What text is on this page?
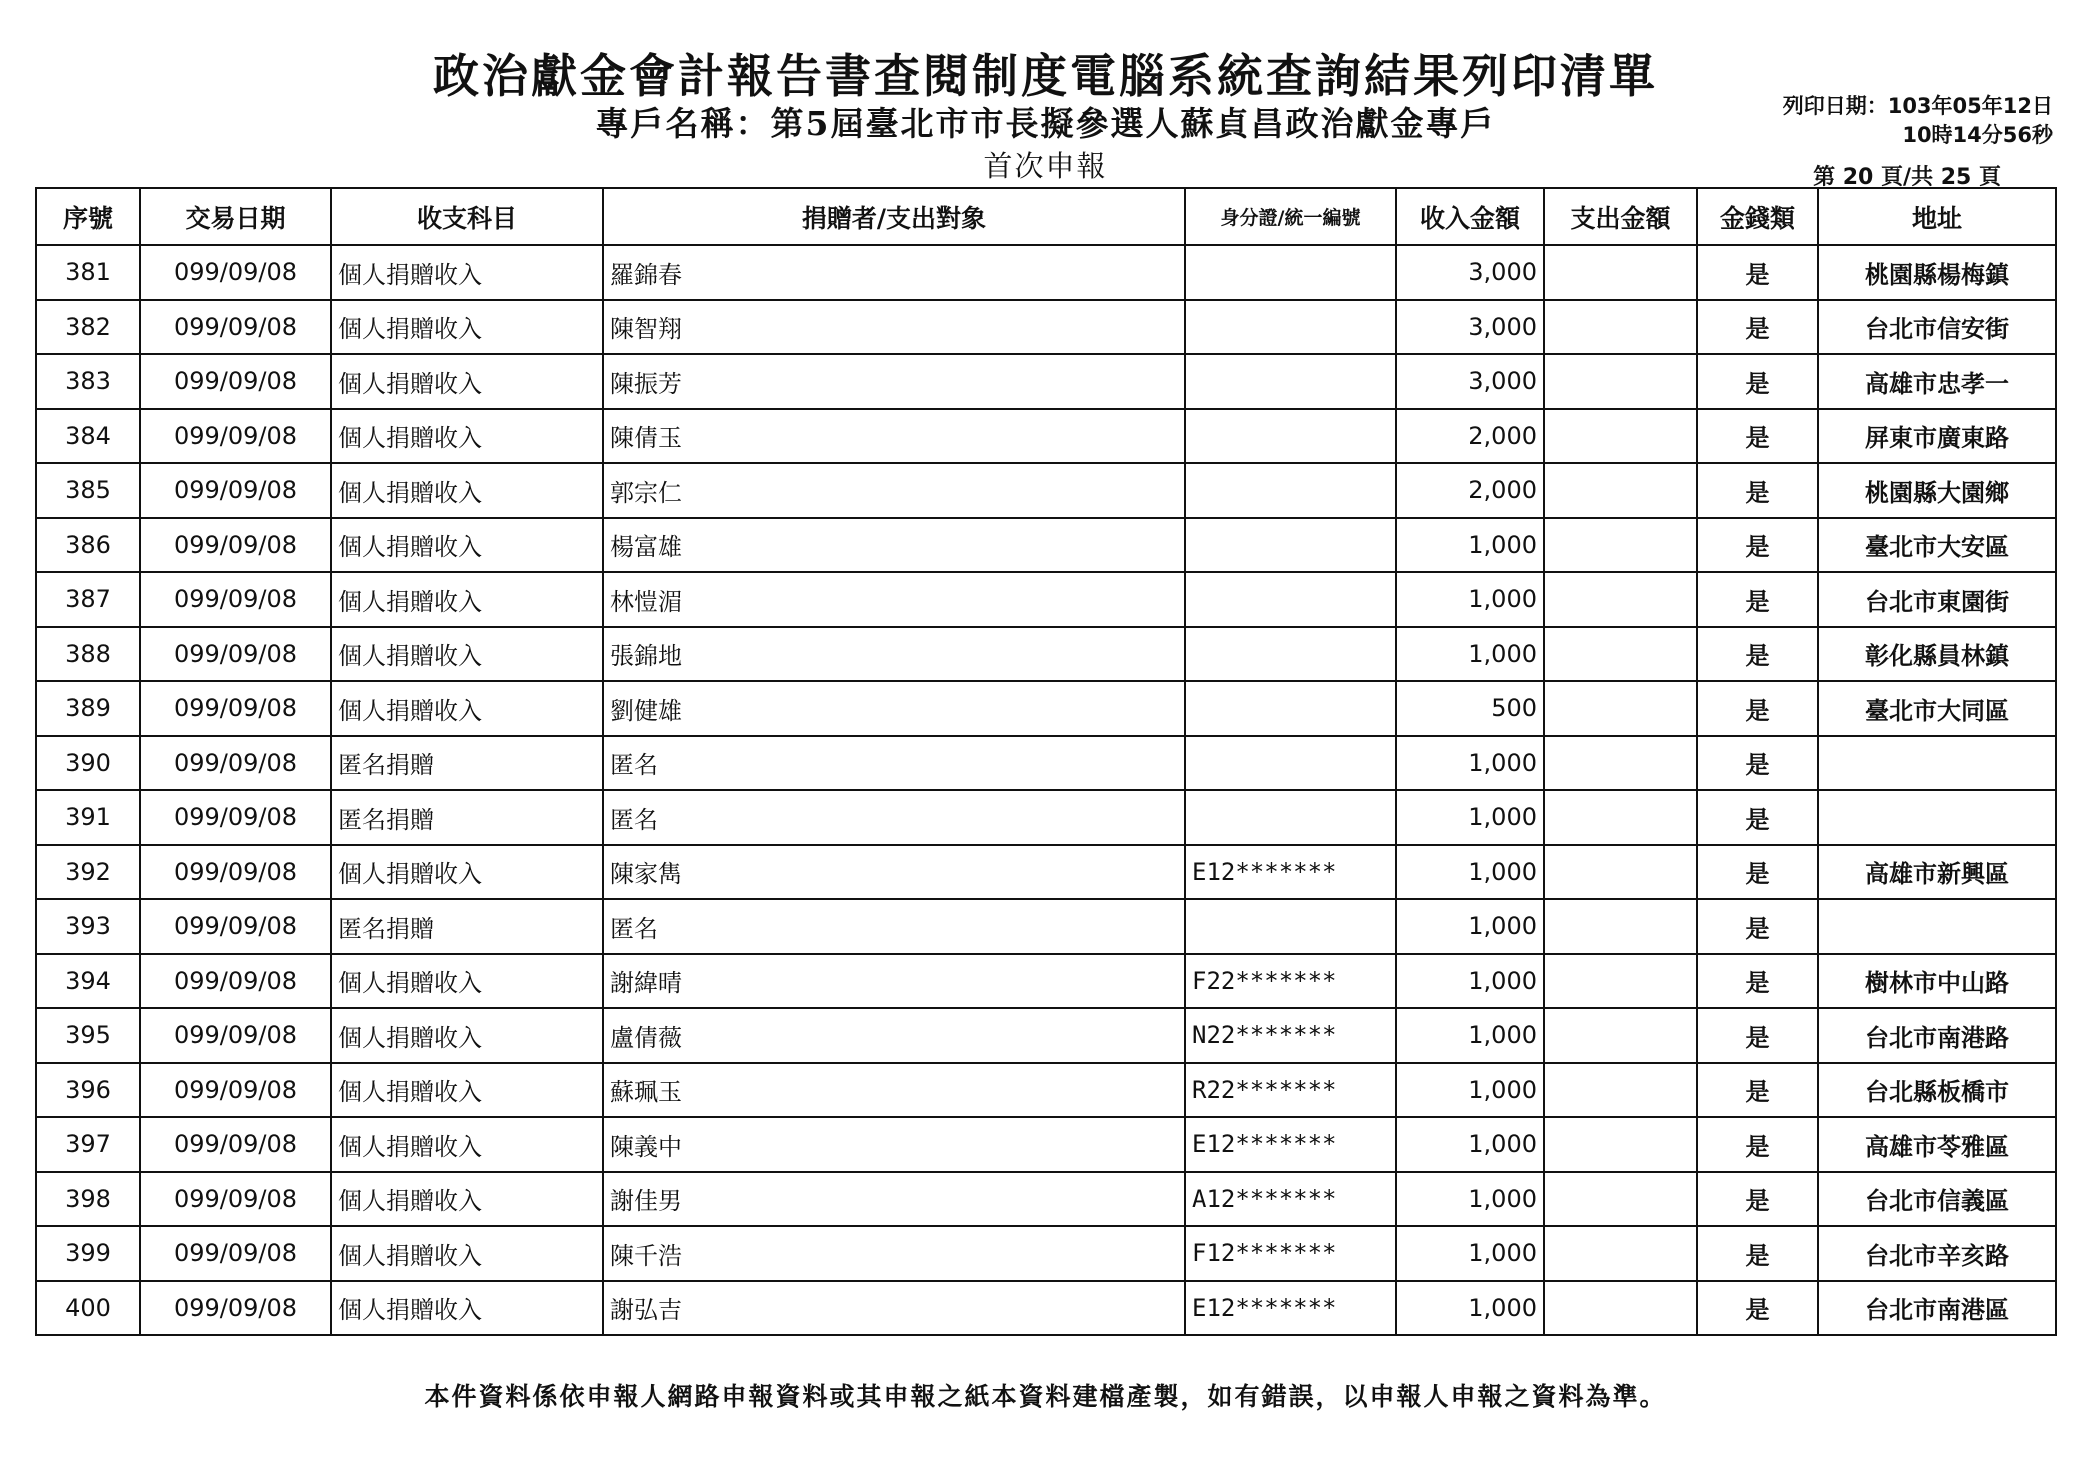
政治獻金會計報告書查閱制度電腦系統查詢結果列印清單
專戶名稱：第5屆臺北市市長擬參選人蘇貞昌政治獻金專戶
首次申報
列印日期：103年05年12日
10時14分56秒
第 20 頁/共 25 頁
序號	交易日期	收支科目	捐贈者/支出對象	身分證/統一編號	收入金額	支出金額	金錢類	地址
381	099/09/08	個人捐贈收入	羅錦春		3,000		是	桃園縣楊梅鎮
382	099/09/08	個人捐贈收入	陳智翔		3,000		是	台北市信安街
383	099/09/08	個人捐贈收入	陳振芳		3,000		是	高雄市忠孝一
384	099/09/08	個人捐贈收入	陳倩玉		2,000		是	屏東市廣東路
385	099/09/08	個人捐贈收入	郭宗仁		2,000		是	桃園縣大園鄉
386	099/09/08	個人捐贈收入	楊富雄		1,000		是	臺北市大安區
387	099/09/08	個人捐贈收入	林愷湄		1,000		是	台北市東園街
388	099/09/08	個人捐贈收入	張錦地		1,000		是	彰化縣員林鎮
389	099/09/08	個人捐贈收入	劉健雄		500		是	臺北市大同區
390	099/09/08	匿名捐贈	匿名		1,000		是	
391	099/09/08	匿名捐贈	匿名		1,000		是	
392	099/09/08	個人捐贈收入	陳家雋	E12*******	1,000		是	高雄市新興區
393	099/09/08	匿名捐贈	匿名		1,000		是	
394	099/09/08	個人捐贈收入	謝緯晴	F22*******	1,000		是	樹林市中山路
395	099/09/08	個人捐贈收入	盧倩薇	N22*******	1,000		是	台北市南港路
396	099/09/08	個人捐贈收入	蘇珮玉	R22*******	1,000		是	台北縣板橋市
397	099/09/08	個人捐贈收入	陳義中	E12*******	1,000		是	高雄市苓雅區
398	099/09/08	個人捐贈收入	謝佳男	A12*******	1,000		是	台北市信義區
399	099/09/08	個人捐贈收入	陳千浩	F12*******	1,000		是	台北市辛亥路
400	099/09/08	個人捐贈收入	謝弘吉	E12*******	1,000		是	台北市南港區
本件資料係依申報人網路申報資料或其申報之紙本資料建檔產製，如有錯誤，以申報人申報之資料為準。
